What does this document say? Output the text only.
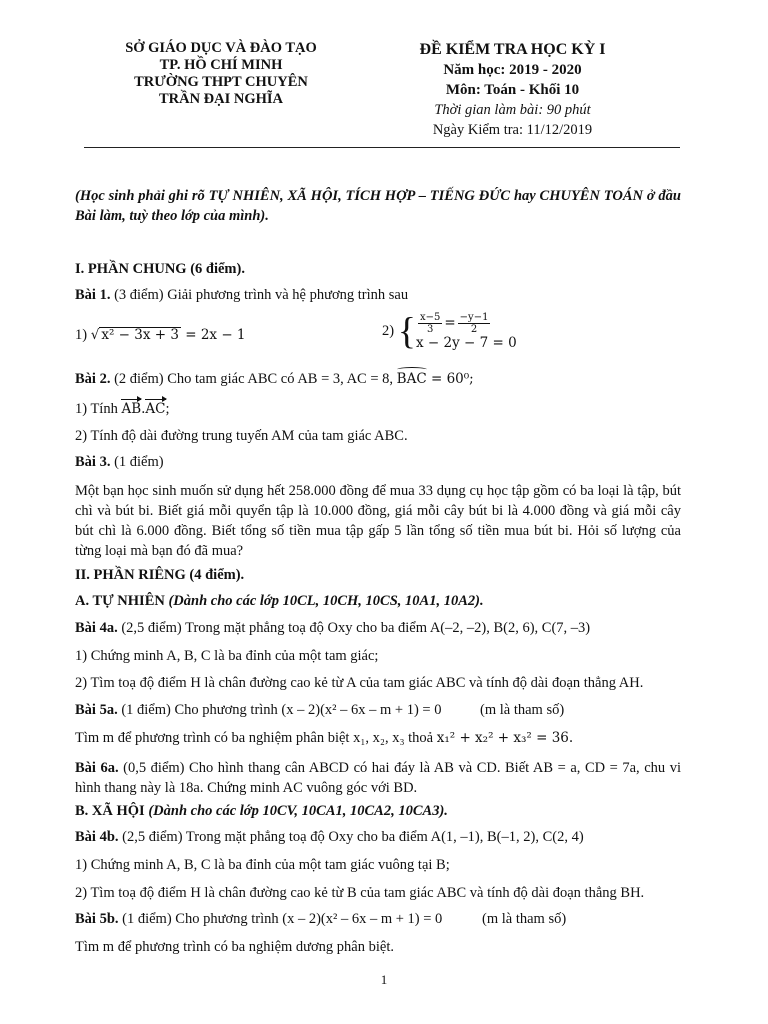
SỞ GIÁO DỤC VÀ ĐÀO TẠO
TP. HỒ CHÍ MINH
TRƯỜNG THPT CHUYÊN
TRẦN ĐẠI NGHĨA
ĐỀ KIỂM TRA HỌC KỲ I
Năm học: 2019 - 2020
Môn: Toán - Khối 10
Thời gian làm bài: 90 phút
Ngày Kiểm tra: 11/12/2019
(Học sinh phải ghi rõ TỰ NHIÊN, XÃ HỘI, TÍCH HỢP – TIẾNG ĐỨC hay CHUYÊN TOÁN ở đầu Bài làm, tuỳ theo lớp của mình).
I. PHẦN CHUNG (6 điểm).
Bài 1. (3 điểm) Giải phương trình và hệ phương trình sau
1) √ x² − 3x + 3 = 2x − 1	2) { $\frac{x-5}{3} = \frac{-y-1}{2}$
x − 2y − 7 = 0
Bài 2. (2 điểm) Cho tam giác ABC có AB = 3, AC = 8, BAC = 60⁰;
1) Tính AB.AC;
2) Tính độ dài đường trung tuyến AM của tam giác ABC.
Bài 3. (1 điểm)
Một bạn học sinh muốn sử dụng hết 258.000 đồng để mua 33 dụng cụ học tập gồm có ba loại là tập, bút chì và bút bi. Biết giá mỗi quyển tập là 10.000 đồng, giá mỗi cây bút bi là 4.000 đồng và giá mỗi cây bút chì là 6.000 đồng. Biết tổng số tiền mua tập gấp 5 lần tổng số tiền mua bút bi. Hỏi số lượng của từng loại mà bạn đó đã mua?
II. PHẦN RIÊNG (4 điểm).
A. TỰ NHIÊN (Dành cho các lớp 10CL, 10CH, 10CS, 10A1, 10A2).
Bài 4a. (2,5 điểm) Trong mặt phẳng toạ độ Oxy cho ba điểm A(–2, –2), B(2, 6), C(7, –3)
1) Chứng minh A, B, C là ba đỉnh của một tam giác;
2) Tìm toạ độ điểm H là chân đường cao kẻ từ A của tam giác ABC và tính độ dài đoạn thẳng AH.
Bài 5a. (1 điểm) Cho phương trình (x – 2)(x² – 6x – m + 1) = 0	(m là tham số)
Tìm m để phương trình có ba nghiệm phân biệt x₁, x₂, x₃ thoả x₁² + x₂² + x₃² = 36.
Bài 6a. (0,5 điểm) Cho hình thang cân ABCD có hai đáy là AB và CD. Biết AB = a, CD = 7a, chu vi hình thang này là 18a. Chứng minh AC vuông góc với BD.
B. XÃ HỘI (Dành cho các lớp 10CV, 10CA1, 10CA2, 10CA3).
Bài 4b. (2,5 điểm) Trong mặt phẳng toạ độ Oxy cho ba điểm A(1, –1), B(–1, 2), C(2, 4)
1) Chứng minh A, B, C là ba đỉnh của một tam giác vuông tại B;
2) Tìm toạ độ điểm H là chân đường cao kẻ từ B của tam giác ABC và tính độ dài đoạn thẳng BH.
Bài 5b. (1 điểm) Cho phương trình (x – 2)(x² – 6x – m + 1) = 0	(m là tham số)
Tìm m để phương trình có ba nghiệm dương phân biệt.
1
